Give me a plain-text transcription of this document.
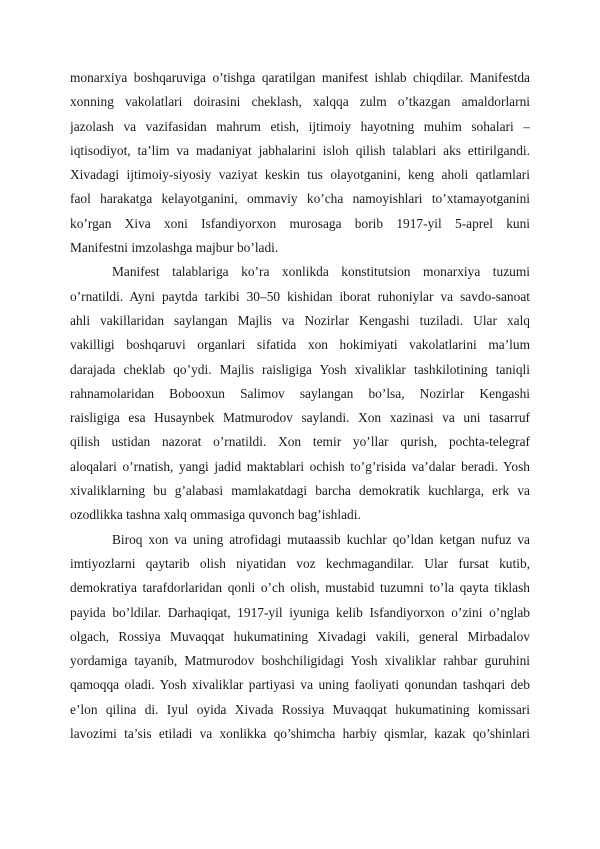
monarxiya boshqaruviga o’tishga qaratilgan manifest ishlab chiqdilar. Manifestda
xonning vakolatlari doirasini cheklash, xalqqa zulm o’tkazgan amaldorlarni
jazolash va vazifasidan mahrum etish, ijtimoiy hayotning muhim sohalari –
iqtisodiyot, ta’lim va madaniyat jabhalarini isloh qilish talablari aks ettirilgandi.
Xivadagi ijtimoiy-siyosiy vaziyat keskin tus olayotganini, keng aholi qatlamlari
faol harakatga kelayotganini, ommaviy ko’cha namoyishlari to’xtamayotganini
ko’rgan Xiva xoni Isfandiyorxon murosaga borib 1917-yil 5-aprel kuni
Manifestni imzolashga majbur bo’ladi.
Manifest talablariga ko’ra xonlikda konstitutsion monarxiya tuzumi
o’rnatildi. Ayni paytda tarkibi 30–50 kishidan iborat ruhoniylar va savdo-sanoat
ahli vakillaridan saylangan Majlis va Nozirlar Kengashi tuziladi. Ular xalq
vakilligi boshqaruvi organlari sifatida xon hokimiyati vakolatlarini ma’lum
darajada cheklab qo’ydi. Majlis raisligiga Yosh xivaliklar tashkilotining taniqli
rahnamolaridan Bobooxun Salimov saylangan bo’lsa, Nozirlar Kengashi
raisligiga esa Husaynbek Matmurodov saylandi. Xon xazinasi va uni tasarruf
qilish ustidan nazorat o’rnatildi. Xon temir yo’llar qurish, pochta-telegraf
aloqalari o’rnatish, yangi jadid maktablari ochish to’g’risida va’dalar beradi. Yosh
xivaliklarning bu g’alabasi mamlakatdagi barcha demokratik kuchlarga, erk va
ozodlikka tashna xalq ommasiga quvonch bag’ishladi.
Biroq xon va uning atrofidagi mutaassib kuchlar qo’ldan ketgan nufuz va
imtiyozlarni qaytarib olish niyatidan voz kechmagandilar. Ular fursat kutib,
demokratiya tarafdorlaridan qonli o’ch olish, mustabid tuzumni to’la qayta tiklash
payida bo’ldilar. Darhaqiqat, 1917-yil iyuniga kelib Isfandiyorxon o’zini o’nglab
olgach, Rossiya Muvaqqat hukumatining Xivadagi vakili, general Mirbadalov
yordamiga tayanib, Matmurodov boshchiligidagi Yosh xivaliklar rahbar guruhini
qamoqqa oladi. Yosh xivaliklar partiyasi va uning faoliyati qonundan tashqari deb
e’lon qilina di. Iyul oyida Xivada Rossiya Muvaqqat hukumatining komissari
lavozimi ta’sis etiladi va xonlikka qo’shimcha harbiy qismlar, kazak qo’shinlari
